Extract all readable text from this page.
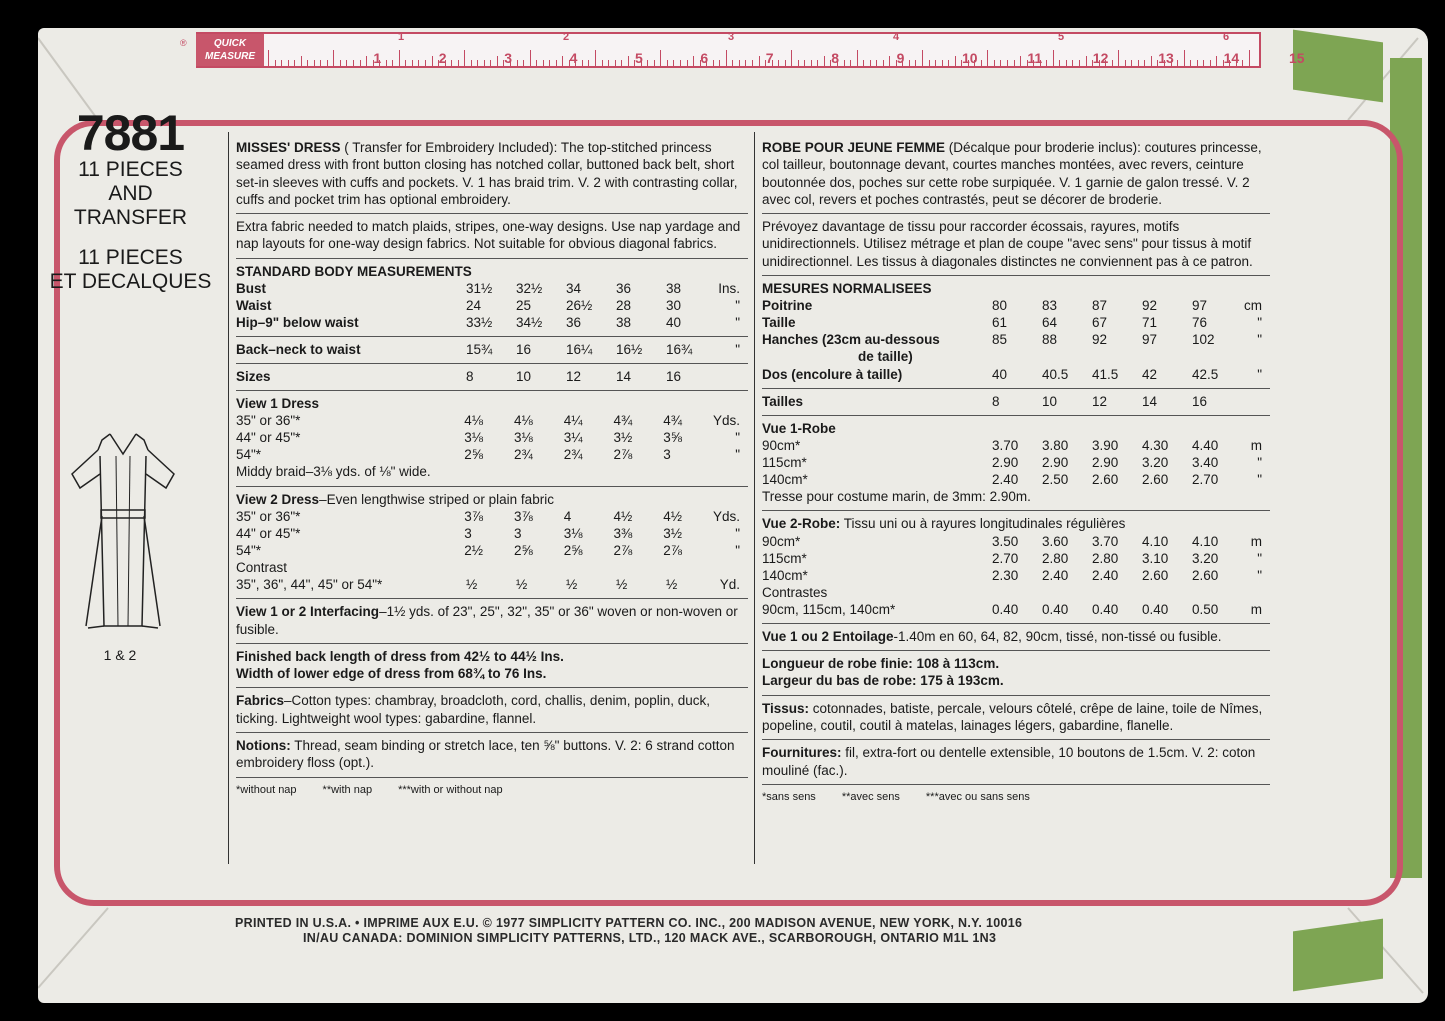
®
1	2	3	4	5	6	7	8	9	10	11	12	13	14	15
1	2	3	4	5	6
QUICK MEASURE
7881
11 PIECES
AND
TRANSFER
11 PIECES
ET DECALQUES
1 & 2
MISSES' DRESS ( Transfer for Embroidery Included): The top-stitched princess seamed dress with front button closing has notched collar, buttoned back belt, short set-in sleeves with cuffs and pockets. V. 1 has braid trim. V. 2 with contrasting collar, cuffs and pocket trim has optional embroidery.
Extra fabric needed to match plaids, stripes, one-way designs. Use nap yardage and nap layouts for one-way design fabrics. Not suitable for obvious diagonal fabrics.
STANDARD BODY MEASUREMENTS
Bust	31½	32½	34	36	38	Ins.
Waist	24	25	26½	28	30	"
Hip–9" below waist	33½	34½	36	38	40	"
Back–neck to waist	15¾	16	16¼	16½	16¾	"
Sizes	8	10	12	14	16	
View 1 Dress
35" or 36"*	4⅛	4⅛	4¼	4¾	4¾	Yds.
44" or 45"*	3⅛	3⅛	3¼	3½	3⅝	"
54"*	2⅝	2¾	2¾	2⅞	3	"
Middy braid–3⅛ yds. of ⅛" wide.
View 2 Dress–Even lengthwise striped or plain fabric
35" or 36"*	3⅞	3⅞	4	4½	4½	Yds.
44" or 45"*	3	3	3⅛	3⅜	3½	"
54"*	2½	2⅝	2⅝	2⅞	2⅞	"
Contrast
35", 36", 44", 45" or 54"*	½	½	½	½	½	Yd.
View 1 or 2 Interfacing–1½ yds. of 23", 25", 32", 35" or 36" woven or non-woven or fusible.
Finished back length of dress from 42½ to 44½ Ins.
Width of lower edge of dress from 68¾ to 76 Ins.
Fabrics–Cotton types: chambray, broadcloth, cord, challis, denim, poplin, duck, ticking. Lightweight wool types: gabardine, flannel.
Notions: Thread, seam binding or stretch lace, ten ⅝" buttons. V. 2: 6 strand cotton embroidery floss (opt.).
*without nap **with nap ***with or without nap
ROBE POUR JEUNE FEMME (Décalque pour broderie inclus): coutures princesse, col tailleur, boutonnage devant, courtes manches montées, avec revers, ceinture boutonnée dos, poches sur cette robe surpiquée. V. 1 garnie de galon tressé. V. 2 avec col, revers et poches contrastés, peut se décorer de broderie.
Prévoyez davantage de tissu pour raccorder écossais, rayures, motifs unidirectionnels. Utilisez métrage et plan de coupe "avec sens" pour tissus à motif unidirectionnel. Les tissus à diagonales distinctes ne conviennent pas à ce patron.
MESURES NORMALISEES
Poitrine	80	83	87	92	97	cm
Taille	61	64	67	71	76	"
Hanches (23cm au-dessous	85	88	92	97	102	"
de taille)
Dos (encolure à taille)	40	40.5	41.5	42	42.5	"
Tailles	8	10	12	14	16	
Vue 1-Robe
90cm*	3.70	3.80	3.90	4.30	4.40	m
115cm*	2.90	2.90	2.90	3.20	3.40	"
140cm*	2.40	2.50	2.60	2.60	2.70	"
Tresse pour costume marin, de 3mm: 2.90m.
Vue 2-Robe: Tissu uni ou à rayures longitudinales régulières
90cm*	3.50	3.60	3.70	4.10	4.10	m
115cm*	2.70	2.80	2.80	3.10	3.20	"
140cm*	2.30	2.40	2.40	2.60	2.60	"
Contrastes
90cm, 115cm, 140cm*	0.40	0.40	0.40	0.40	0.50	m
Vue 1 ou 2 Entoilage-1.40m en 60, 64, 82, 90cm, tissé, non-tissé ou fusible.
Longueur de robe finie: 108 à 113cm.
Largeur du bas de robe: 175 à 193cm.
Tissus: cotonnades, batiste, percale, velours côtelé, crêpe de laine, toile de Nîmes, popeline, coutil, coutil à matelas, lainages légers, gabardine, flanelle.
Fournitures: fil, extra-fort ou dentelle extensible, 10 boutons de 1.5cm. V. 2: coton mouliné (fac.).
*sans sens **avec sens ***avec ou sans sens
PRINTED IN U.S.A. • IMPRIME AUX E.U. © 1977 SIMPLICITY PATTERN CO. INC., 200 MADISON AVENUE, NEW YORK, N.Y. 10016
IN/AU CANADA: DOMINION SIMPLICITY PATTERNS, LTD., 120 MACK AVE., SCARBOROUGH, ONTARIO M1L 1N3
